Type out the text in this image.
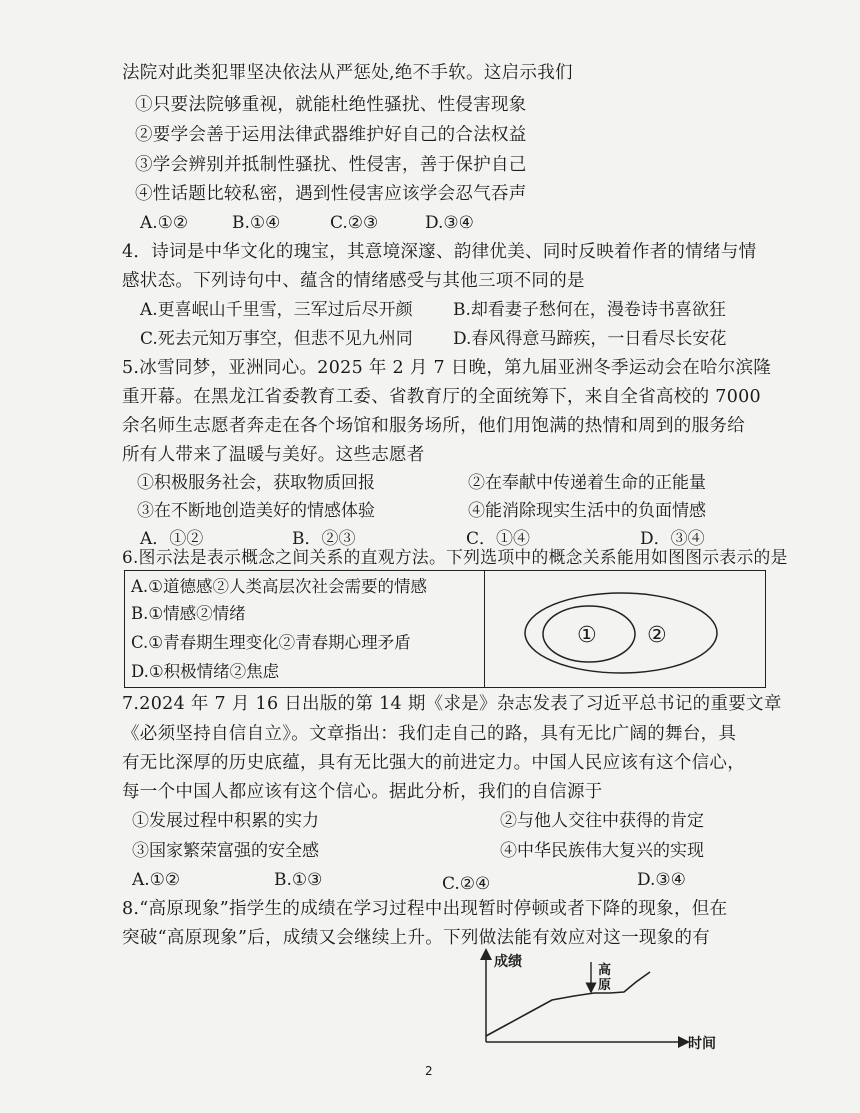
法院对此类犯罪坚决依法从严惩处,绝不手软。这启示我们
①只要法院够重视，就能杜绝性骚扰、性侵害现象
②要学会善于运用法律武器维护好自己的合法权益
③学会辨别并抵制性骚扰、性侵害，善于保护自己
④性话题比较私密，遇到性侵害应该学会忍气吞声
A.①②	B.①④	C.②③	D.③④
4．诗词是中华文化的瑰宝，其意境深邃、韵律优美、同时反映着作者的情绪与情
感状态。下列诗句中、蕴含的情绪感受与其他三项不同的是
A.更喜岷山千里雪，三军过后尽开颜 B.却看妻子愁何在，漫卷诗书喜欲狂
C.死去元知万事空，但悲不见九州同 D.春风得意马蹄疾，一日看尽长安花
5.冰雪同梦，亚洲同心。2025 年 2 月 7 日晚，第九届亚洲冬季运动会在哈尔滨隆
重开幕。在黑龙江省委教育工委、省教育厅的全面统筹下，来自全省高校的 7000
余名师生志愿者奔走在各个场馆和服务场所，他们用饱满的热情和周到的服务给
所有人带来了温暖与美好。这些志愿者
①积极服务社会，获取物质回报	②在奉献中传递着生命的正能量
③在不断地创造美好的情感体验	④能消除现实生活中的负面情感
A．①②	B．②③	C．①④	D．③④
6.图示法是表示概念之间关系的直观方法。下列选项中的概念关系能用如图图示表示的是
A.①道德感②人类高层次社会需要的情感
B.①情感②情绪
C.①青春期生理变化②青春期心理矛盾
D.①积极情绪②焦虑
① ②
7.2024 年 7 月 16 日出版的第 14 期《求是》杂志发表了习近平总书记的重要文章
《必须坚持自信自立》。文章指出：我们走自己的路，具有无比广阔的舞台，具
有无比深厚的历史底蕴，具有无比强大的前进定力。中国人民应该有这个信心，
每一个中国人都应该有这个信心。据此分析，我们的自信源于
①发展过程中积累的实力	②与他人交往中获得的肯定
③国家繁荣富强的安全感	④中华民族伟大复兴的实现
A.①②	B.①③	C.②④	D.③④
8.“高原现象”指学生的成绩在学习过程中出现暂时停顿或者下降的现象，但在
突破“高原现象”后，成绩又会继续上升。下列做法能有效应对这一现象的有
成绩
时间
高
原
2
